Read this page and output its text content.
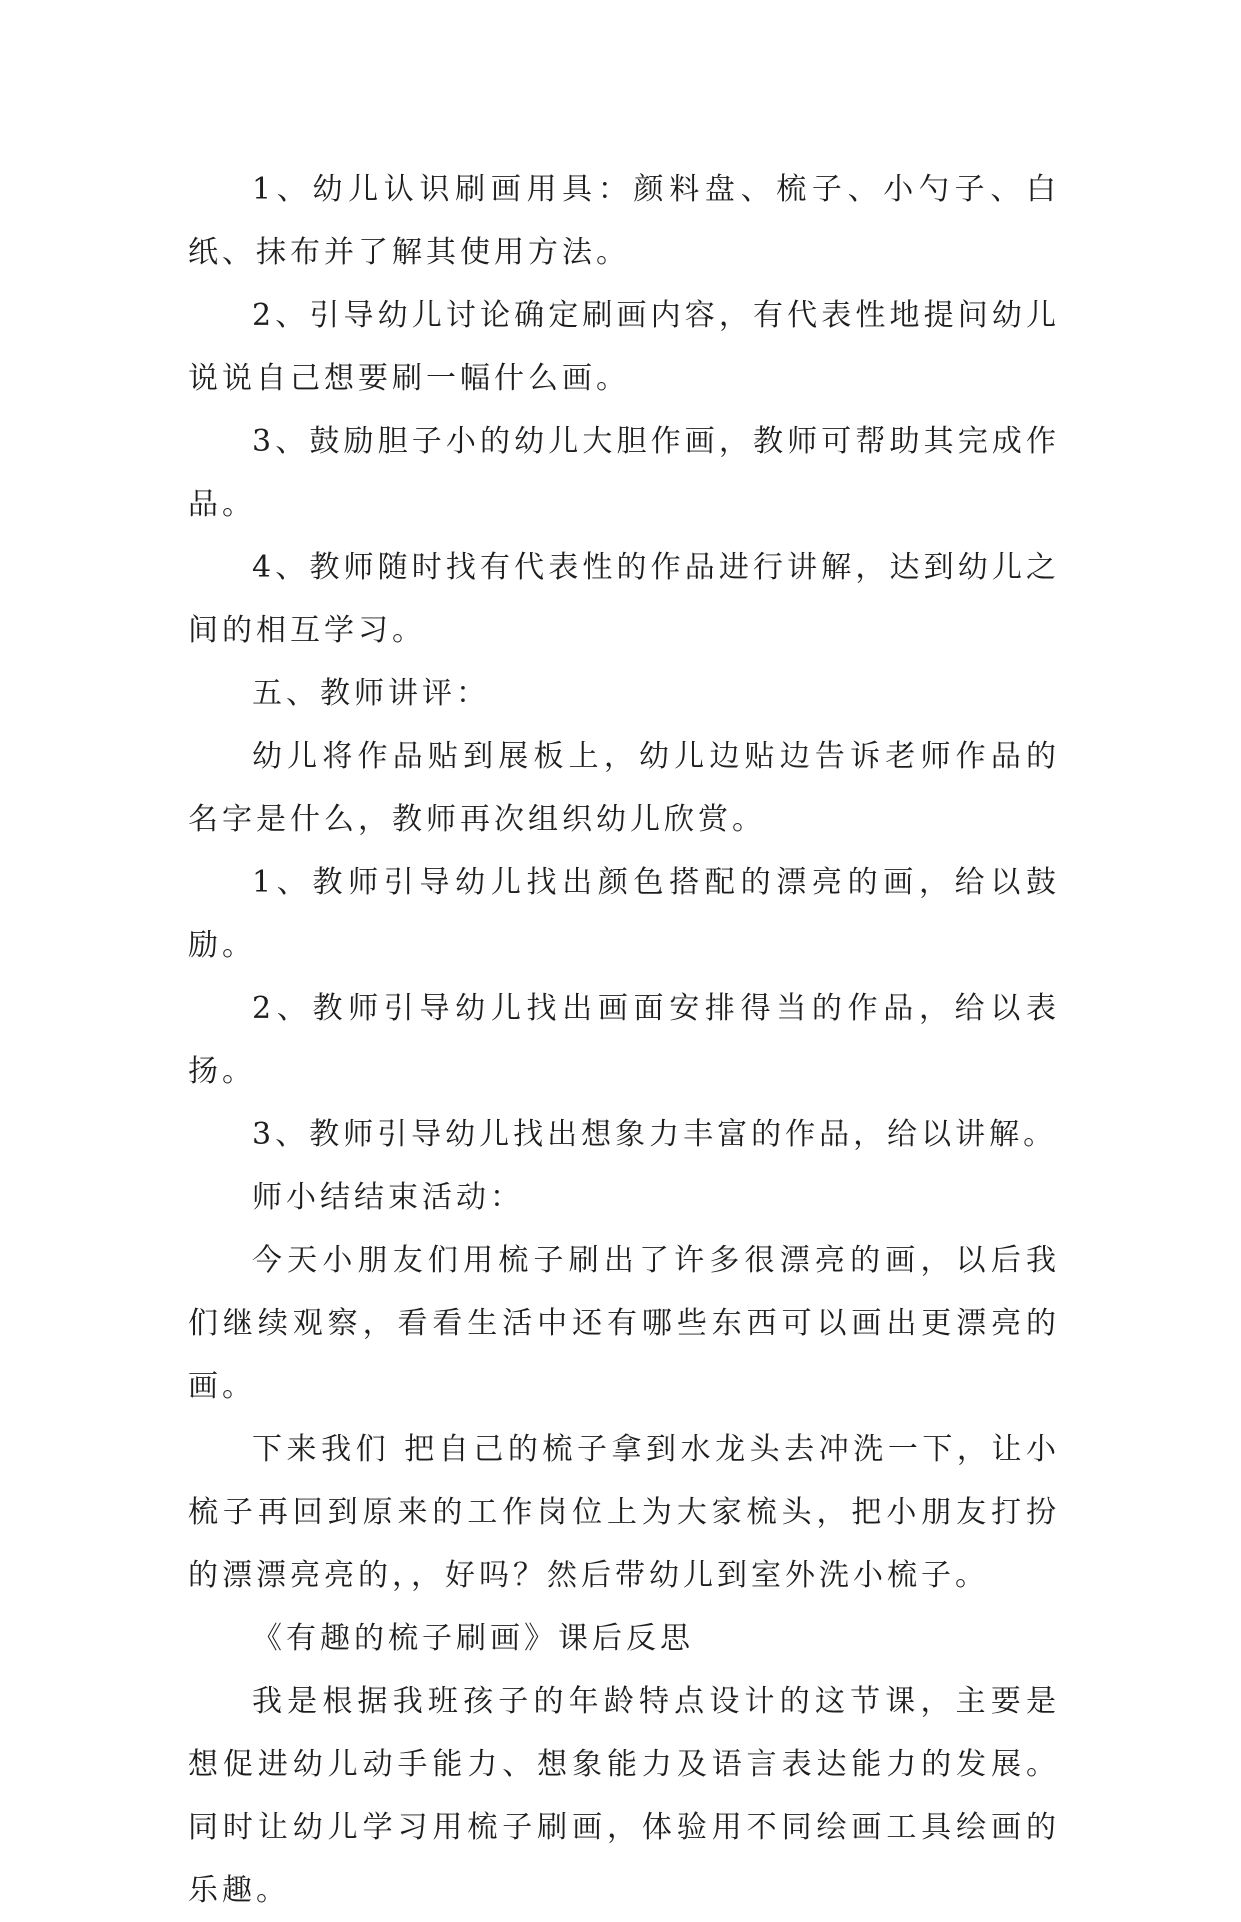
1、幼儿认识刷画用具：颜料盘、梳子、小勺子、白纸、抹布并了解其使用方法。

2、引导幼儿讨论确定刷画内容，有代表性地提问幼儿说说自己想要刷一幅什么画。

3、鼓励胆子小的幼儿大胆作画，教师可帮助其完成作品。

4、教师随时找有代表性的作品进行讲解，达到幼儿之间的相互学习。

五、教师讲评：

幼儿将作品贴到展板上，幼儿边贴边告诉老师作品的名字是什么，教师再次组织幼儿欣赏。

1、教师引导幼儿找出颜色搭配的漂亮的画，给以鼓励。

2、教师引导幼儿找出画面安排得当的作品，给以表扬。

3、教师引导幼儿找出想象力丰富的作品，给以讲解。

师小结结束活动：

今天小朋友们用梳子刷出了许多很漂亮的画，以后我们继续观察，看看生活中还有哪些东西可以画出更漂亮的画。

下来我们 把自己的梳子拿到水龙头去冲洗一下，让小梳子再回到原来的工作岗位上为大家梳头，把小朋友打扮的漂漂亮亮的，，好吗？然后带幼儿到室外洗小梳子。

《有趣的梳子刷画》课后反思

我是根据我班孩子的年龄特点设计的这节课，主要是想促进幼儿动手能力、想象能力及语言表达能力的发展。同时让幼儿学习用梳子刷画，体验用不同绘画工具绘画的乐趣。
